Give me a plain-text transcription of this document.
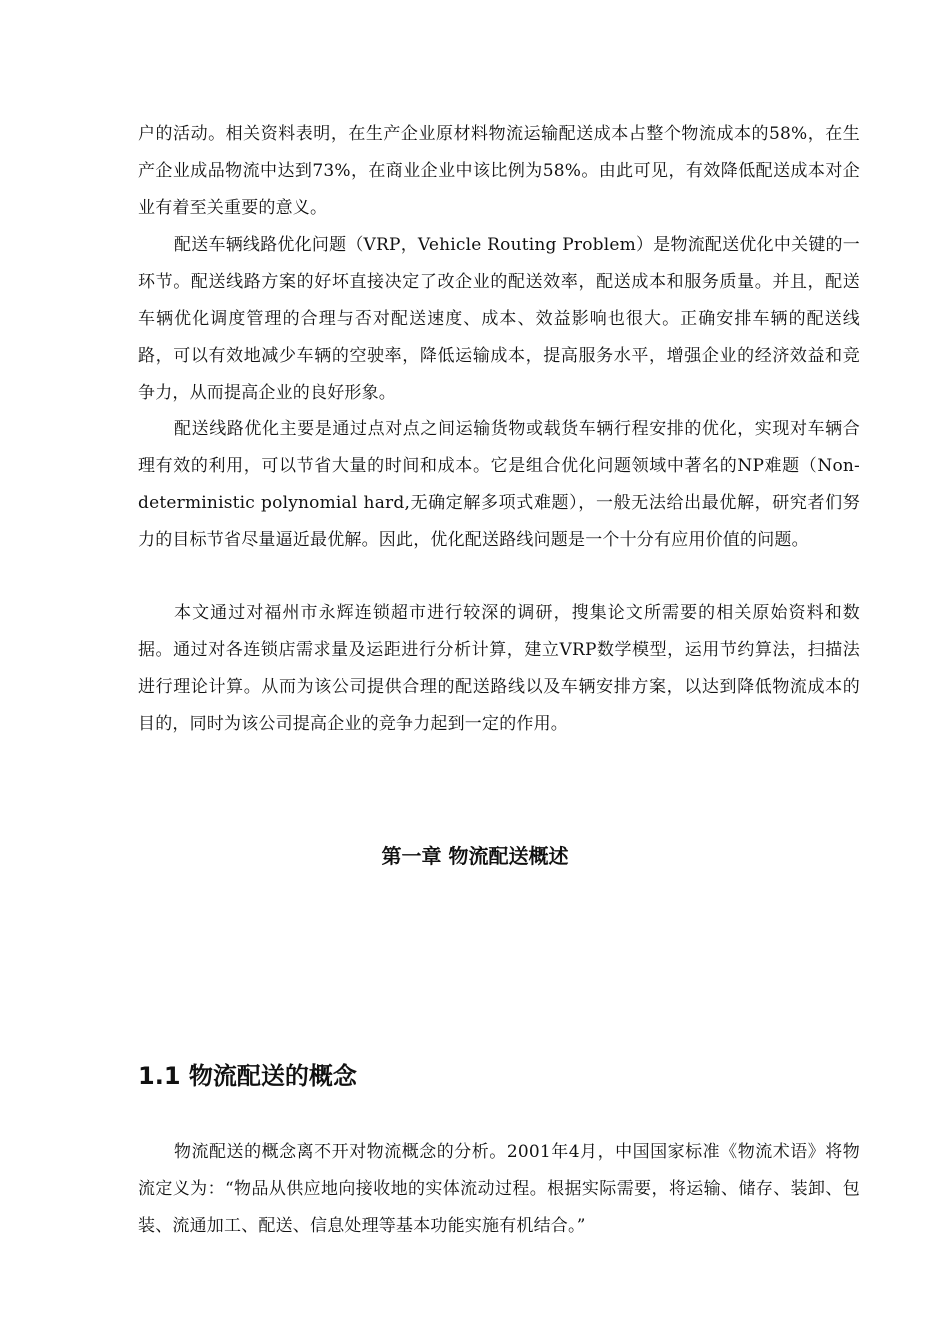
户的活动。相关资料表明，在生产企业原材料物流运输配送成本占整个物流成本的58%，在生产企业成品物流中达到73%，在商业企业中该比例为58%。由此可见，有效降低配送成本对企业有着至关重要的意义。

配送车辆线路优化问题（VRP，Vehicle Routing Problem）是物流配送优化中关键的一环节。配送线路方案的好坏直接决定了改企业的配送效率，配送成本和服务质量。并且，配送车辆优化调度管理的合理与否对配送速度、成本、效益影响也很大。正确安排车辆的配送线路，可以有效地减少车辆的空驶率，降低运输成本，提高服务水平，增强企业的经济效益和竞争力，从而提高企业的良好形象。

配送线路优化主要是通过点对点之间运输货物或载货车辆行程安排的优化，实现对车辆合理有效的利用，可以节省大量的时间和成本。它是组合优化问题领域中著名的NP难题（Non-deterministic polynomial hard,无确定解多项式难题），一般无法给出最优解，研究者们努力的目标节省尽量逼近最优解。因此，优化配送路线问题是一个十分有应用价值的问题。

本文通过对福州市永辉连锁超市进行较深的调研，搜集论文所需要的相关原始资料和数据。通过对各连锁店需求量及运距进行分析计算，建立VRP数学模型，运用节约算法，扫描法进行理论计算。从而为该公司提供合理的配送路线以及车辆安排方案，以达到降低物流成本的目的，同时为该公司提高企业的竞争力起到一定的作用。

第一章 物流配送概述
1.1 物流配送的概念

物流配送的概念离不开对物流概念的分析。2001年4月，中国国家标准《物流术语》将物流定义为：“物品从供应地向接收地的实体流动过程。根据实际需要，将运输、储存、装卸、包装、流通加工、配送、信息处理等基本功能实施有机结合。”
